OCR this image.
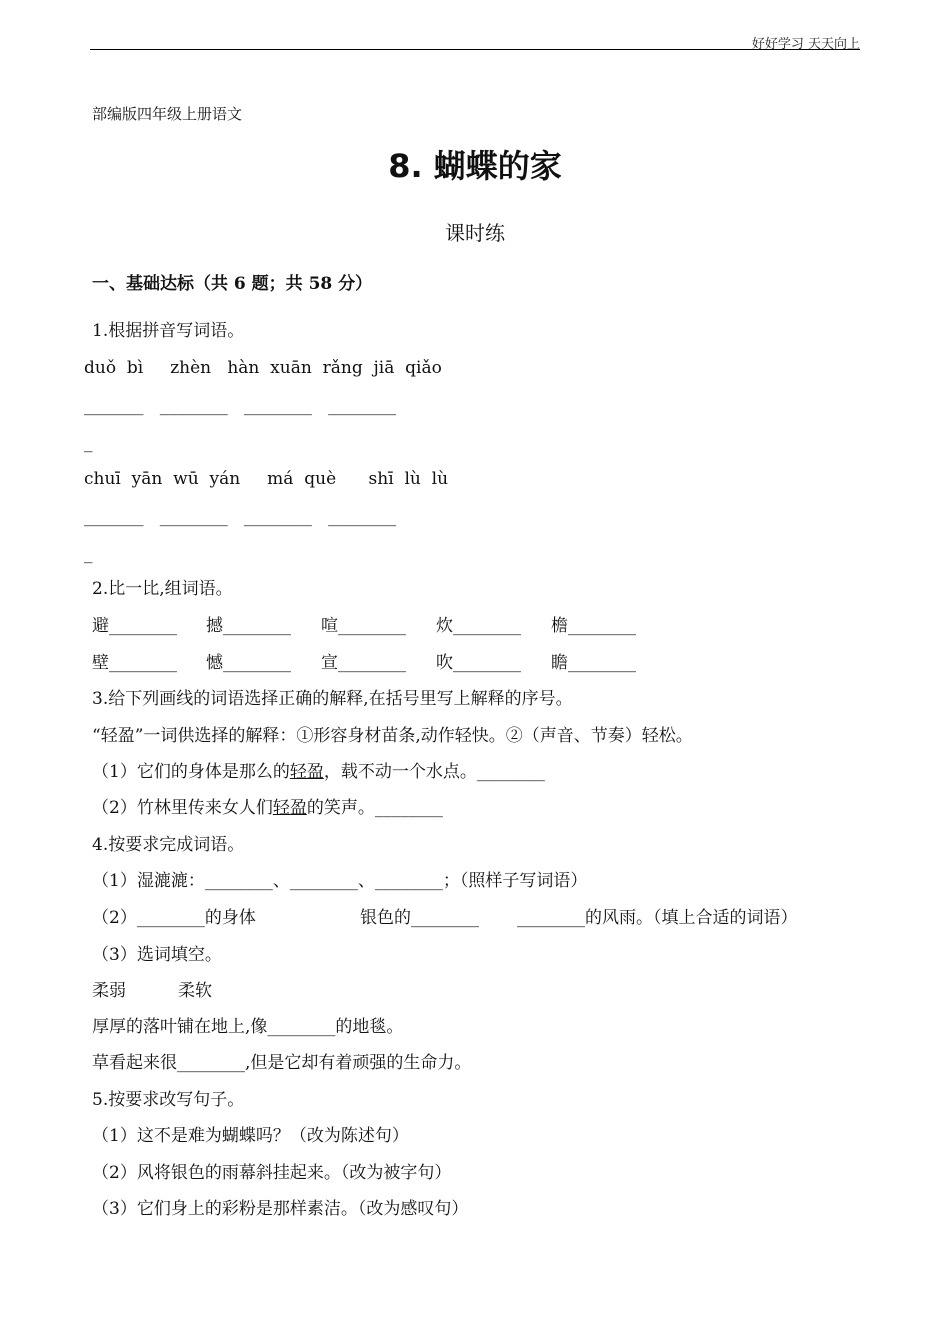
好好学习 天天向上
部编版四年级上册语文
8. 蝴蝶的家
课时练
一、基础达标（共 6 题；共 58 分）
1.根据拼音写词语。
duǒ  bì     zhèn   hàn  xuān  rǎng  jiā  qiǎo
_______   ________   ________   ________
_
chuī  yān  wū  yán     má  què      shī  lù  lù
_______   ________   ________   ________
_
2.比一比,组词语。
避________ 撼________ 喧________ 炊________ 檐________
壁________ 憾________ 宣________ 吹________ 瞻________
3.给下列画线的词语选择正确的解释,在括号里写上解释的序号。
“轻盈”一词供选择的解释：①形容身材苗条,动作轻快。②（声音、节奏）轻松。
（1）它们的身体是那么的轻盈，载不动一个水点。________
（2）竹林里传来女人们轻盈的笑声。________
4.按要求完成词语。
（1）湿漉漉：________、________、________；（照样子写词语）
（2）________的身体	银色的________ ________的风雨。（填上合适的词语）
（3）选词填空。
柔弱	柔软
厚厚的落叶铺在地上,像________的地毯。
草看起来很________,但是它却有着顽强的生命力。
5.按要求改写句子。
（1）这不是难为蝴蝶吗？（改为陈述句）
（2）风将银色的雨幕斜挂起来。（改为被字句）
（3）它们身上的彩粉是那样素洁。（改为感叹句）
